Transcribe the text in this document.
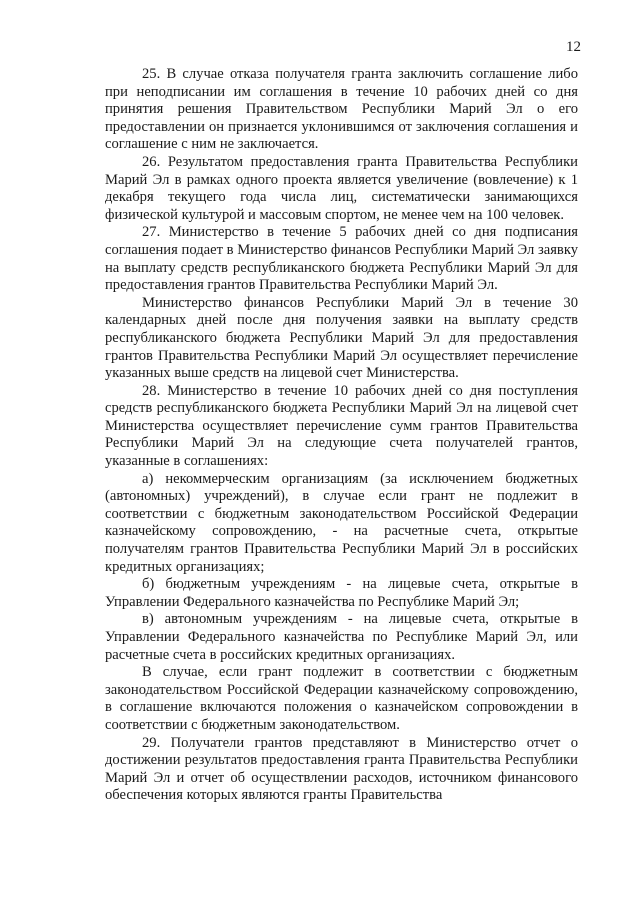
12

25. В случае отказа получателя гранта заключить соглашение либо при неподписании им соглашения в течение 10 рабочих дней со дня принятия решения Правительством Республики Марий Эл о его предоставлении он признается уклонившимся от заключения соглашения и соглашение с ним не заключается.

26. Результатом предоставления гранта Правительства Республики Марий Эл в рамках одного проекта является увеличение (вовлечение) к 1 декабря текущего года числа лиц, систематически занимающихся физической культурой и массовым спортом, не менее чем на 100 человек.

27. Министерство в течение 5 рабочих дней со дня подписания соглашения подает в Министерство финансов Республики Марий Эл заявку на выплату средств республиканского бюджета Республики Марий Эл для предоставления грантов Правительства Республики Марий Эл.

Министерство финансов Республики Марий Эл в течение 30 календарных дней после дня получения заявки на выплату средств республиканского бюджета Республики Марий Эл для предоставления грантов Правительства Республики Марий Эл осуществляет перечисление указанных выше средств на лицевой счет Министерства.

28. Министерство в течение 10 рабочих дней со дня поступления средств республиканского бюджета Республики Марий Эл на лицевой счет Министерства осуществляет перечисление сумм грантов Правительства Республики Марий Эл на следующие счета получателей грантов, указанные в соглашениях:

а) некоммерческим организациям (за исключением бюджетных (автономных) учреждений), в случае если грант не подлежит в соответствии с бюджетным законодательством Российской Федерации казначейскому сопровождению, - на расчетные счета, открытые получателям грантов Правительства Республики Марий Эл в российских кредитных организациях;

б) бюджетным учреждениям - на лицевые счета, открытые в Управлении Федерального казначейства по Республике Марий Эл;

в) автономным учреждениям - на лицевые счета, открытые в Управлении Федерального казначейства по Республике Марий Эл, или расчетные счета в российских кредитных организациях.

В случае, если грант подлежит в соответствии с бюджетным законодательством Российской Федерации казначейскому сопровождению, в соглашение включаются положения о казначейском сопровождении в соответствии с бюджетным законодательством.

29. Получатели грантов представляют в Министерство отчет о достижении результатов предоставления гранта Правительства Республики Марий Эл и отчет об осуществлении расходов, источником финансового обеспечения которых являются гранты Правительства
